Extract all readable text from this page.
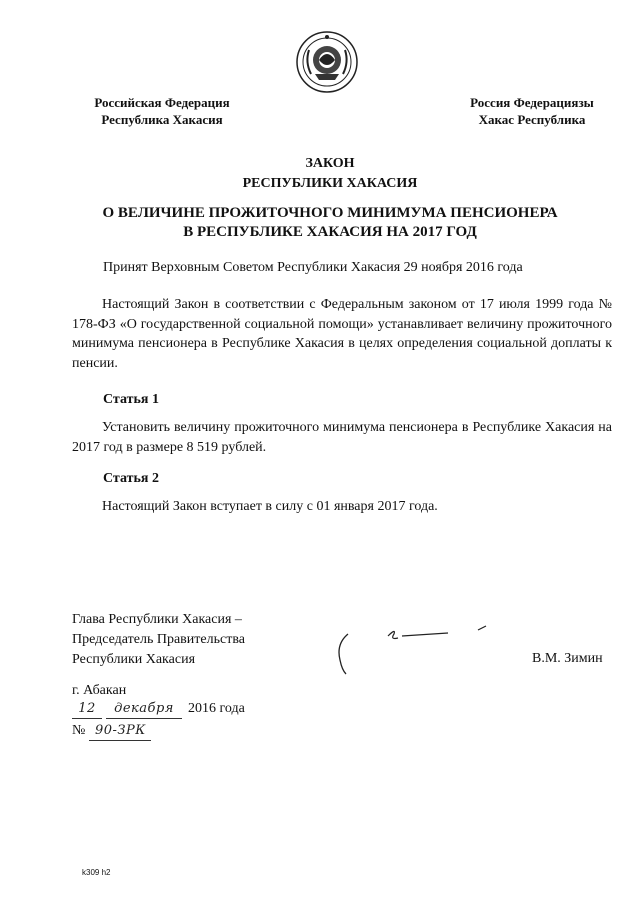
Российская Федерация
Республика Хакасия
Россия Федерациязы
Хакас Республика
ЗАКОН
РЕСПУБЛИКИ ХАКАСИЯ
О ВЕЛИЧИНЕ ПРОЖИТОЧНОГО МИНИМУМА ПЕНСИОНЕРА
В РЕСПУБЛИКЕ ХАКАСИЯ НА 2017 ГОД
Принят Верховным Советом Республики Хакасия 29 ноября 2016 года
Настоящий Закон в соответствии с Федеральным законом от 17 июля 1999 года № 178-ФЗ «О государственной социальной помощи» устанавливает величину прожиточного минимума пенсионера в Республике Хакасия в целях определения социальной доплаты к пенсии.
Статья 1
Установить величину прожиточного минимума пенсионера в Республике Хакасия на 2017 год в размере 8 519 рублей.
Статья 2
Настоящий Закон вступает в силу с 01 января 2017 года.
Глава Республики Хакасия –
Председатель Правительства
Республики Хакасия	В.М. Зимин
г. Абакан
12 декабря 2016 года
№ 90-ЗРК
k309 h2
